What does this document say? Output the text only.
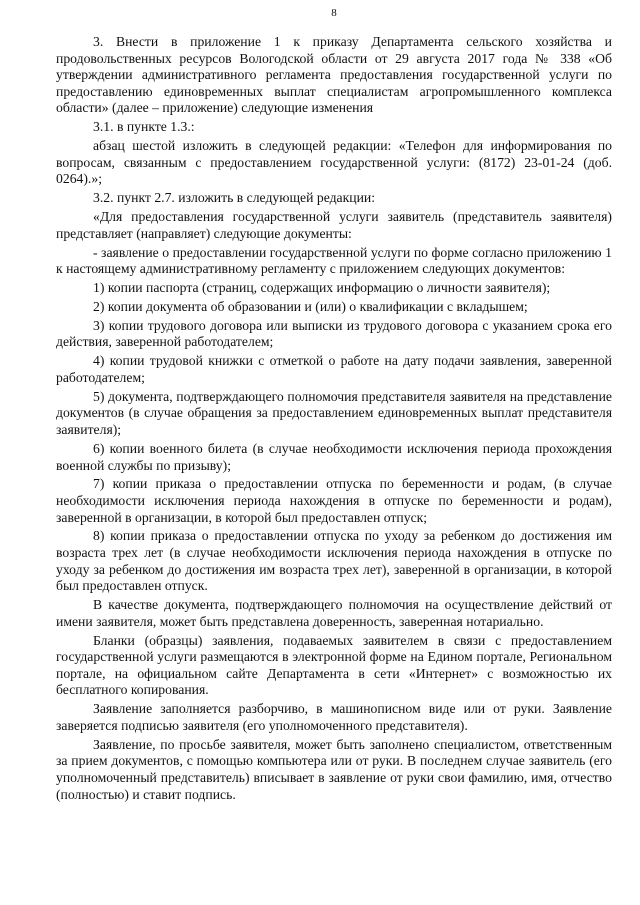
8

3. Внести в приложение 1 к приказу Департамента сельского хозяйства и продовольственных ресурсов Вологодской области от 29 августа 2017 года № 338 «Об утверждении административного регламента предоставления государственной услуги по предоставлению единовременных выплат специалистам агропромышленного комплекса области» (далее – приложение) следующие изменения

3.1. в пункте 1.3.:

абзац шестой изложить в следующей редакции: «Телефон для информирования по вопросам, связанным с предоставлением государственной услуги: (8172) 23-01-24 (доб. 0264).»;

3.2. пункт 2.7. изложить в следующей редакции:

«Для предоставления государственной услуги заявитель (представитель заявителя) представляет (направляет) следующие документы:

- заявление о предоставлении государственной услуги по форме согласно приложению 1 к настоящему административному регламенту с приложением следующих документов:

1) копии паспорта (страниц, содержащих информацию о личности заявителя);

2) копии документа об образовании и (или) о квалификации с вкладышем;

3) копии трудового договора или выписки из трудового договора с указанием срока его действия, заверенной работодателем;

4) копии трудовой книжки с отметкой о работе на дату подачи заявления, заверенной работодателем;

5) документа, подтверждающего полномочия представителя заявителя на представление документов (в случае обращения за предоставлением единовременных выплат представителя заявителя);

6) копии военного билета (в случае необходимости исключения периода прохождения военной службы по призыву);

7) копии приказа о предоставлении отпуска по беременности и родам, (в случае необходимости исключения периода нахождения в отпуске по беременности и родам), заверенной в организации, в которой был предоставлен отпуск;

8) копии приказа о предоставлении отпуска по уходу за ребенком до достижения им возраста трех лет (в случае необходимости исключения периода нахождения в отпуске по уходу за ребенком до достижения им возраста трех лет), заверенной в организации, в которой был предоставлен отпуск.

В качестве документа, подтверждающего полномочия на осуществление действий от имени заявителя, может быть представлена доверенность, заверенная нотариально.

Бланки (образцы) заявления, подаваемых заявителем в связи с предоставлением государственной услуги размещаются в электронной форме на Едином портале, Региональном портале, на официальном сайте Департамента в сети «Интернет» с возможностью их бесплатного копирования.

Заявление заполняется разборчиво, в машинописном виде или от руки. Заявление заверяется подписью заявителя (его уполномоченного представителя).

Заявление, по просьбе заявителя, может быть заполнено специалистом, ответственным за прием документов, с помощью компьютера или от руки. В последнем случае заявитель (его уполномоченный представитель) вписывает в заявление от руки свои фамилию, имя, отчество (полностью) и ставит подпись.
